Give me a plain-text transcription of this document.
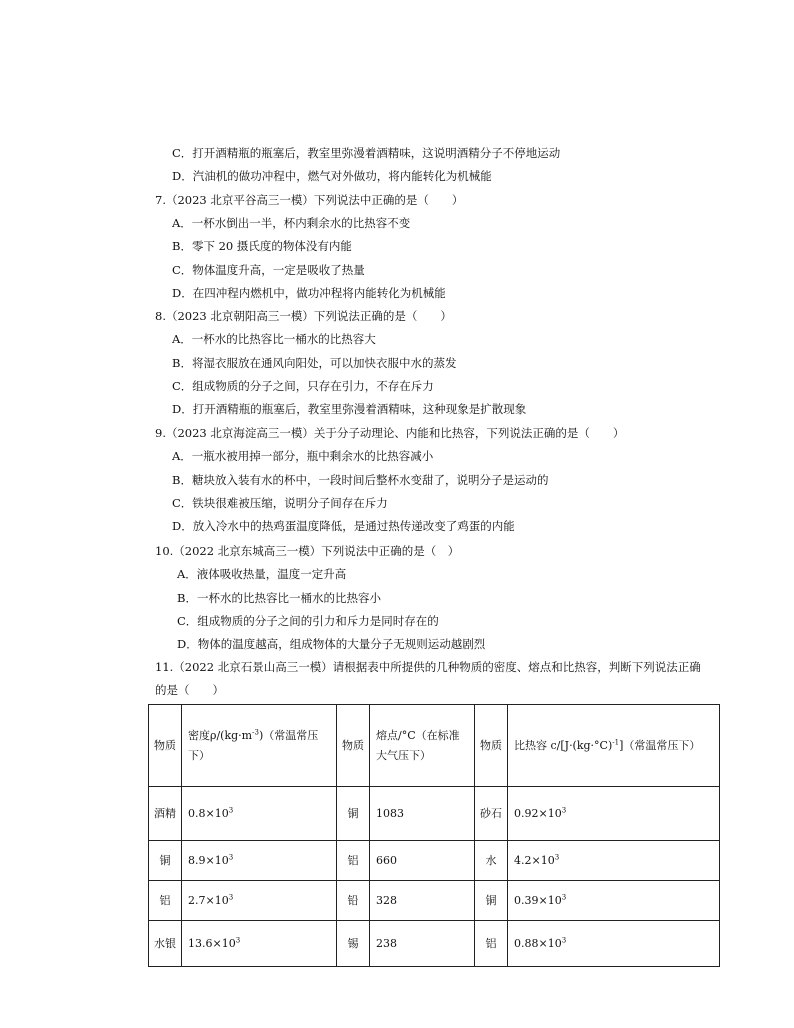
C．打开酒精瓶的瓶塞后，教室里弥漫着酒精味，这说明酒精分子不停地运动
D．汽油机的做功冲程中，燃气对外做功，将内能转化为机械能
7.（2023 北京平谷高三一模）下列说法中正确的是（　　）
A．一杯水倒出一半，杯内剩余水的比热容不变
B．零下 20 摄氏度的物体没有内能
C．物体温度升高，一定是吸收了热量
D．在四冲程内燃机中，做功冲程将内能转化为机械能
8.（2023 北京朝阳高三一模）下列说法正确的是（　　）
A．一杯水的比热容比一桶水的比热容大
B．将湿衣服放在通风向阳处，可以加快衣服中水的蒸发
C．组成物质的分子之间，只存在引力，不存在斥力
D．打开酒精瓶的瓶塞后，教室里弥漫着酒精味，这种现象是扩散现象
9.（2023 北京海淀高三一模）关于分子动理论、内能和比热容，下列说法正确的是（　　）
A．一瓶水被用掉一部分，瓶中剩余水的比热容减小
B．糖块放入装有水的杯中，一段时间后整杯水变甜了，说明分子是运动的
C．铁块很难被压缩，说明分子间存在斥力
D．放入冷水中的热鸡蛋温度降低，是通过热传递改变了鸡蛋的内能
10.（2022 北京东城高三一模）下列说法中正确的是（　）
A．液体吸收热量，温度一定升高
B．一杯水的比热容比一桶水的比热容小
C．组成物质的分子之间的引力和斥力是同时存在的
D．物体的温度越高，组成物体的大量分子无规则运动越剧烈
11.（2022 北京石景山高三一模）请根据表中所提供的几种物质的密度、熔点和比热容，判断下列说法正确
的是（　　）
物质	密度$\rho/(kg\cdot m^{-3})$（常温常压下）	物质	熔点/°C（在标准大气压下）	物质	比热容 $c/[J\cdot(kg\cdot^\circ C)^{-1}]$（常温常压下）
酒精	$0.8\times 10^3$	铜	1083	砂石	$0.92\times 10^3$
铜	$8.9\times 10^3$	铝	660	水	$4.2\times 10^3$
铝	$2.7\times 10^3$	铅	328	铜	$0.39\times 10^3$
水银	$13.6\times 10^3$	锡	238	铝	$0.88\times 10^3$
